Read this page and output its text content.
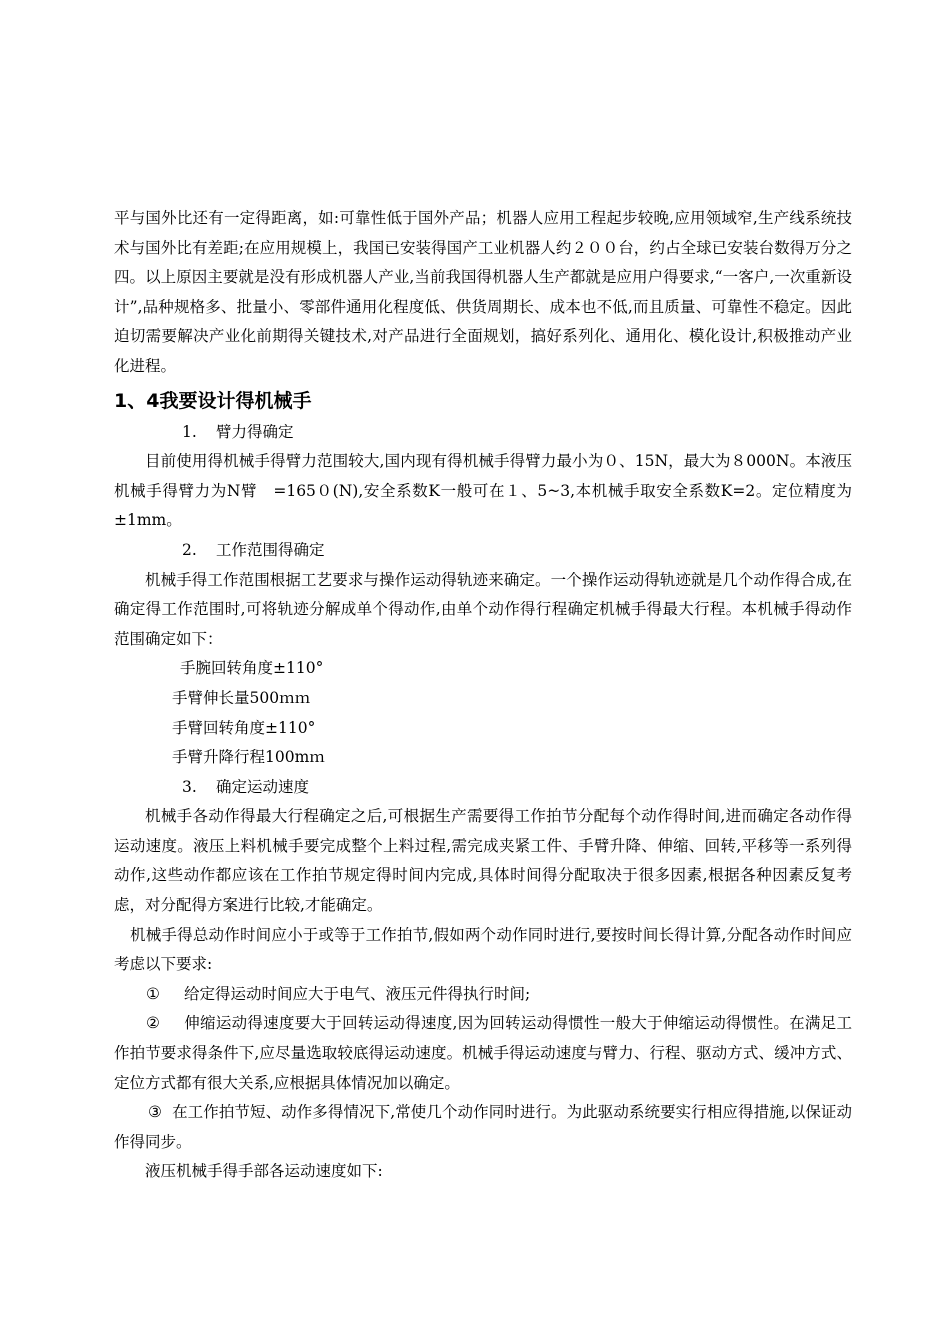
平与国外比还有一定得距离，如:可靠性低于国外产品；机器人应用工程起步较晚,应用领域窄,生产线系统技术与国外比有差距;在应用规模上，我国已安装得国产工业机器人约２００台，约占全球已安装台数得万分之四。以上原因主要就是没有形成机器人产业,当前我国得机器人生产都就是应用户得要求,“一客户,一次重新设计”,品种规格多、批量小、零部件通用化程度低、供货周期长、成本也不低,而且质量、可靠性不稳定。因此迫切需要解决产业化前期得关键技术,对产品进行全面规划，搞好系列化、通用化、模化设计,积极推动产业化进程。

1、4我要设计得机械手

1. 臂力得确定

目前使用得机械手得臂力范围较大,国内现有得机械手得臂力最小为０、15N，最大为８000N。本液压机械手得臂力为N臂　=165０(N),安全系数K一般可在１、5~3,本机械手取安全系数K=2。定位精度为±1mm。

2. 工作范围得确定

机械手得工作范围根据工艺要求与操作运动得轨迹来确定。一个操作运动得轨迹就是几个动作得合成,在确定得工作范围时,可将轨迹分解成单个得动作,由单个动作得行程确定机械手得最大行程。本机械手得动作范围确定如下：

手腕回转角度±110°

手臂伸长量500ｍｍ

手臂回转角度±110°

手臂升降行程100mｍ

3. 确定运动速度

机械手各动作得最大行程确定之后,可根据生产需要得工作拍节分配每个动作得时间,进而确定各动作得运动速度。液压上料机械手要完成整个上料过程,需完成夹紧工件、手臂升降、伸缩、回转,平移等一系列得动作,这些动作都应该在工作拍节规定得时间内完成,具体时间得分配取决于很多因素,根据各种因素反复考虑，对分配得方案进行比较,才能确定。

机械手得总动作时间应小于或等于工作拍节,假如两个动作同时进行,要按时间长得计算,分配各动作时间应考虑以下要求:

① 给定得运动时间应大于电气、液压元件得执行时间;

② 伸缩运动得速度要大于回转运动得速度,因为回转运动得惯性一般大于伸缩运动得惯性。在满足工作拍节要求得条件下,应尽量选取较底得运动速度。机械手得运动速度与臂力、行程、驱动方式、缓冲方式、定位方式都有很大关系,应根据具体情况加以确定。

③ 在工作拍节短、动作多得情况下,常使几个动作同时进行。为此驱动系统要实行相应得措施,以保证动作得同步。

液压机械手得手部各运动速度如下:
